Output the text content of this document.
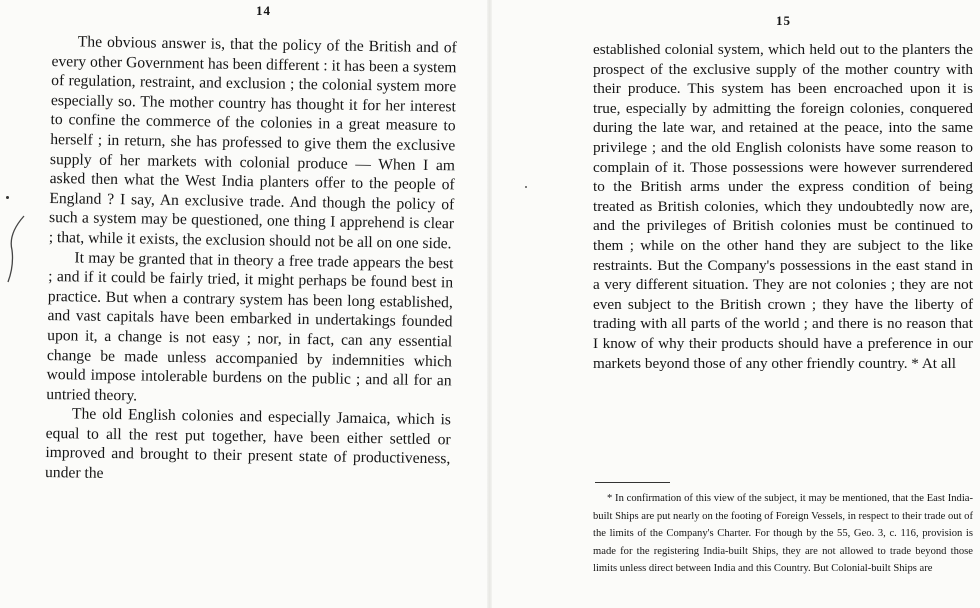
14

The obvious answer is, that the policy of the British and of every other Government has been different : it has been a system of regulation, restraint, and exclusion ; the colonial system more especially so. The mother country has thought it for her interest to confine the commerce of the colonies in a great measure to herself ; in return, she has professed to give them the exclusive supply of her markets with colonial produce — When I am asked then what the West India planters offer to the people of England ? I say, An exclusive trade. And though the policy of such a system may be questioned, one thing I apprehend is clear ; that, while it exists, the exclusion should not be all on one side.

It may be granted that in theory a free trade appears the best ; and if it could be fairly tried, it might perhaps be found best in practice. But when a contrary system has been long established, and vast capitals have been embarked in undertakings founded upon it, a change is not easy ; nor, in fact, can any essential change be made unless accompanied by indemnities which would impose intolerable burdens on the public ; and all for an untried theory.

The old English colonies and especially Jamaica, which is equal to all the rest put together, have been either settled or improved and brought to their present state of productiveness, under the

15

established colonial system, which held out to the planters the prospect of the exclusive supply of the mother country with their produce. This system has been encroached upon it is true, especially by admitting the foreign colonies, conquered during the late war, and retained at the peace, into the same privilege ; and the old English colonists have some reason to complain of it. Those possessions were however surrendered to the British arms under the express condition of being treated as British colonies, which they undoubtedly now are, and the privileges of British colonies must be continued to them ; while on the other hand they are subject to the like restraints. But the Company's possessions in the east stand in a very different situation. They are not colonies ; they are not even subject to the British crown ; they have the liberty of trading with all parts of the world ; and there is no reason that I know of why their products should have a preference in our markets beyond those of any other friendly country. * At all

* In confirmation of this view of the subject, it may be mentioned, that the East India-built Ships are put nearly on the footing of Foreign Vessels, in respect to their trade out of the limits of the Company's Charter. For though by the 55, Geo. 3, c. 116, provision is made for the registering India-built Ships, they are not allowed to trade beyond those limits unless direct between India and this Country. But Colonial-built Ships are
